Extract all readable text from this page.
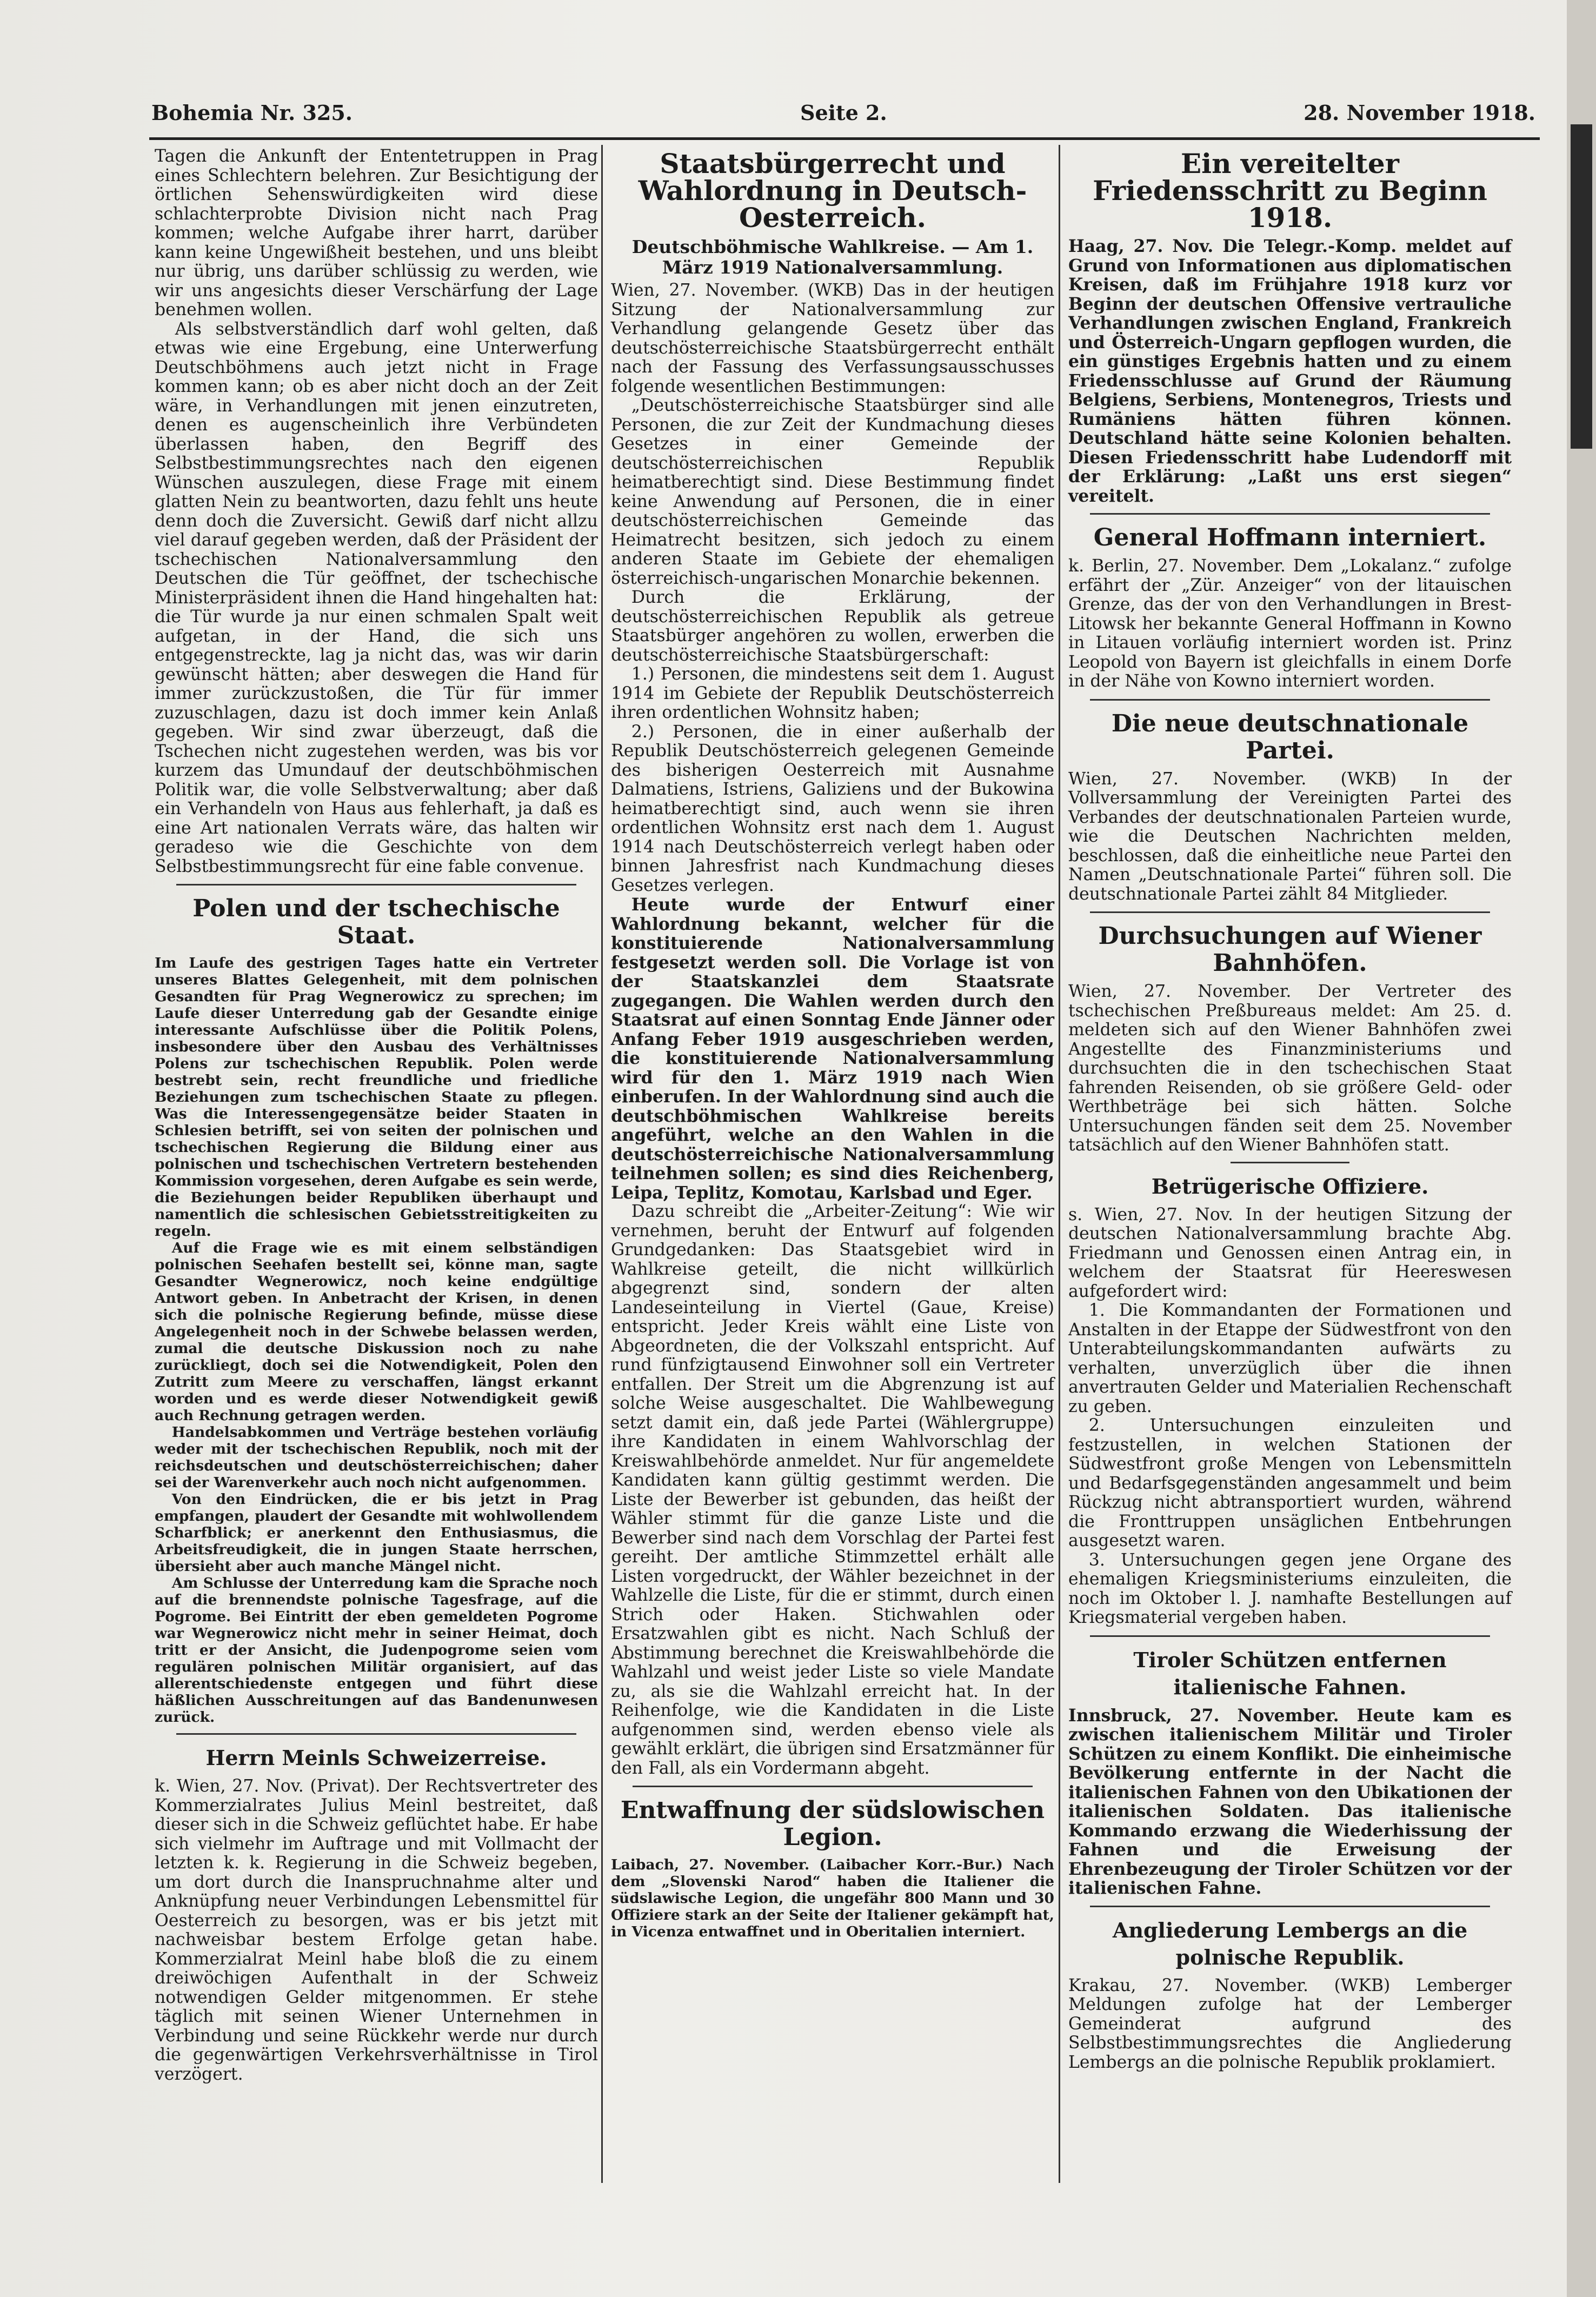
Bohemia Nr. 325.	Seite 2.	28. November 1918.

Tagen die Ankunft der Ententetruppen in Prag eines Schlechtern belehren. Zur Besichtigung der örtlichen Sehenswürdigkeiten wird diese schlachterprobte Division nicht nach Prag kommen; welche Aufgabe ihrer harrt, darüber kann keine Ungewißheit bestehen, und uns bleibt nur übrig, uns darüber schlüssig zu werden, wie wir uns angesichts dieser Verschärfung der Lage benehmen wollen.

Als selbstverständlich darf wohl gelten, daß etwas wie eine Ergebung, eine Unterwerfung Deutschböhmens auch jetzt nicht in Frage kommen kann; ob es aber nicht doch an der Zeit wäre, in Verhandlungen mit jenen einzutreten, denen es augenscheinlich ihre Verbündeten überlassen haben, den Begriff des Selbstbestimmungsrechtes nach den eigenen Wünschen auszulegen, diese Frage mit einem glatten Nein zu beantworten, dazu fehlt uns heute denn doch die Zuversicht. Gewiß darf nicht allzu viel darauf gegeben werden, daß der Präsident der tschechischen Nationalversammlung den Deutschen die Tür geöffnet, der tschechische Ministerpräsident ihnen die Hand hingehalten hat: die Tür wurde ja nur einen schmalen Spalt weit aufgetan, in der Hand, die sich uns entgegenstreckte, lag ja nicht das, was wir darin gewünscht hätten; aber deswegen die Hand für immer zurückzustoßen, die Tür für immer zuzuschlagen, dazu ist doch immer kein Anlaß gegeben. Wir sind zwar überzeugt, daß die Tschechen nicht zugestehen werden, was bis vor kurzem das Umundauf der deutschböhmischen Politik war, die volle Selbstverwaltung; aber daß ein Verhandeln von Haus aus fehlerhaft, ja daß es eine Art nationalen Verrats wäre, das halten wir geradeso wie die Geschichte von dem Selbstbestimmungsrecht für eine fable convenue.

Polen und der tschechische Staat.

Im Laufe des gestrigen Tages hatte ein Vertreter unseres Blattes Gelegenheit, mit dem polnischen Gesandten für Prag Wegnerowicz zu sprechen; im Laufe dieser Unterredung gab der Gesandte einige interessante Aufschlüsse über die Politik Polens, insbesondere über den Ausbau des Verhältnisses Polens zur tschechischen Republik. Polen werde bestrebt sein, recht freundliche und friedliche Beziehungen zum tschechischen Staate zu pflegen. Was die Interessengegensätze beider Staaten in Schlesien betrifft, sei von seiten der polnischen und tschechischen Regierung die Bildung einer aus polnischen und tschechischen Vertretern bestehenden Kommission vorgesehen, deren Aufgabe es sein werde, die Beziehungen beider Republiken überhaupt und namentlich die schlesischen Gebietsstreitigkeiten zu regeln.

Auf die Frage wie es mit einem selbständigen polnischen Seehafen bestellt sei, könne man, sagte Gesandter Wegnerowicz, noch keine endgültige Antwort geben. In Anbetracht der Krisen, in denen sich die polnische Regierung befinde, müsse diese Angelegenheit noch in der Schwebe belassen werden, zumal die deutsche Diskussion noch zu nahe zurückliegt, doch sei die Notwendigkeit, Polen den Zutritt zum Meere zu verschaffen, längst erkannt worden und es werde dieser Notwendigkeit gewiß auch Rechnung getragen werden.

Handelsabkommen und Verträge bestehen vorläufig weder mit der tschechischen Republik, noch mit der reichsdeutschen und deutschösterreichischen; daher sei der Warenverkehr auch noch nicht aufgenommen.

Von den Eindrücken, die er bis jetzt in Prag empfangen, plaudert der Gesandte mit wohlwollendem Scharfblick; er anerkennt den Enthusiasmus, die Arbeitsfreudigkeit, die in jungen Staate herrschen, übersieht aber auch manche Mängel nicht.

Am Schlusse der Unterredung kam die Sprache noch auf die brennendste polnische Tagesfrage, auf die Pogrome. Bei Eintritt der eben gemeldeten Pogrome war Wegnerowicz nicht mehr in seiner Heimat, doch tritt er der Ansicht, die Judenpogrome seien vom regulären polnischen Militär organisiert, auf das allerentschiedenste entgegen und führt diese häßlichen Ausschreitungen auf das Bandenunwesen zurück.

Herrn Meinls Schweizerreise.

k. Wien, 27. Nov. (Privat). Der Rechtsvertreter des Kommerzialrates Julius Meinl bestreitet, daß dieser sich in die Schweiz geflüchtet habe. Er habe sich vielmehr im Auftrage und mit Vollmacht der letzten k. k. Regierung in die Schweiz begeben, um dort durch die Inanspruchnahme alter und Anknüpfung neuer Verbindungen Lebensmittel für Oesterreich zu besorgen, was er bis jetzt mit nachweisbar bestem Erfolge getan habe. Kommerzialrat Meinl habe bloß die zu einem dreiwöchigen Aufenthalt in der Schweiz notwendigen Gelder mitgenommen. Er stehe täglich mit seinen Wiener Unternehmen in Verbindung und seine Rückkehr werde nur durch die gegenwärtigen Verkehrsverhältnisse in Tirol verzögert.

Staatsbürgerrecht und Wahlordnung in Deutsch-Oesterreich.
Deutschböhmische Wahlkreise. — Am 1. März 1919 Nationalversammlung.

Wien, 27. November. (WKB) Das in der heutigen Sitzung der Nationalversammlung zur Verhandlung gelangende Gesetz über das deutschösterreichische Staatsbürgerrecht enthält nach der Fassung des Verfassungsausschusses folgende wesentlichen Bestimmungen:

„Deutschösterreichische Staatsbürger sind alle Personen, die zur Zeit der Kundmachung dieses Gesetzes in einer Gemeinde der deutschösterreichischen Republik heimatberechtigt sind. Diese Bestimmung findet keine Anwendung auf Personen, die in einer deutschösterreichischen Gemeinde das Heimatrecht besitzen, sich jedoch zu einem anderen Staate im Gebiete der ehemaligen österreichisch-ungarischen Monarchie bekennen.

Durch die Erklärung, der deutschösterreichischen Republik als getreue Staatsbürger angehören zu wollen, erwerben die deutschösterreichische Staatsbürgerschaft:

1.) Personen, die mindestens seit dem 1. August 1914 im Gebiete der Republik Deutschösterreich ihren ordentlichen Wohnsitz haben;

2.) Personen, die in einer außerhalb der Republik Deutschösterreich gelegenen Gemeinde des bisherigen Oesterreich mit Ausnahme Dalmatiens, Istriens, Galiziens und der Bukowina heimatberechtigt sind, auch wenn sie ihren ordentlichen Wohnsitz erst nach dem 1. August 1914 nach Deutschösterreich verlegt haben oder binnen Jahresfrist nach Kundmachung dieses Gesetzes verlegen.

Heute wurde der Entwurf einer Wahlordnung bekannt, welcher für die konstituierende Nationalversammlung festgesetzt werden soll. Die Vorlage ist von der Staatskanzlei dem Staatsrate zugegangen. Die Wahlen werden durch den Staatsrat auf einen Sonntag Ende Jänner oder Anfang Feber 1919 ausgeschrieben werden, die konstituierende Nationalversammlung wird für den 1. März 1919 nach Wien einberufen. In der Wahlordnung sind auch die deutschböhmischen Wahlkreise bereits angeführt, welche an den Wahlen in die deutschösterreichische Nationalversammlung teilnehmen sollen; es sind dies Reichenberg, Leipa, Teplitz, Komotau, Karlsbad und Eger.

Dazu schreibt die „Arbeiter-Zeitung“: Wie wir vernehmen, beruht der Entwurf auf folgenden Grundgedanken: Das Staatsgebiet wird in Wahlkreise geteilt, die nicht willkürlich abgegrenzt sind, sondern der alten Landeseinteilung in Viertel (Gaue, Kreise) entspricht. Jeder Kreis wählt eine Liste von Abgeordneten, die der Volkszahl entspricht. Auf rund fünfzigtausend Einwohner soll ein Vertreter entfallen. Der Streit um die Abgrenzung ist auf solche Weise ausgeschaltet. Die Wahlbewegung setzt damit ein, daß jede Partei (Wählergruppe) ihre Kandidaten in einem Wahlvorschlag der Kreiswahlbehörde anmeldet. Nur für angemeldete Kandidaten kann gültig gestimmt werden. Die Liste der Bewerber ist gebunden, das heißt der Wähler stimmt für die ganze Liste und die Bewerber sind nach dem Vorschlag der Partei fest gereiht. Der amtliche Stimmzettel erhält alle Listen vorgedruckt, der Wähler bezeichnet in der Wahlzelle die Liste, für die er stimmt, durch einen Strich oder Haken. Stichwahlen oder Ersatzwahlen gibt es nicht. Nach Schluß der Abstimmung berechnet die Kreiswahlbehörde die Wahlzahl und weist jeder Liste so viele Mandate zu, als sie die Wahlzahl erreicht hat. In der Reihenfolge, wie die Kandidaten in die Liste aufgenommen sind, werden ebenso viele als gewählt erklärt, die übrigen sind Ersatzmänner für den Fall, als ein Vordermann abgeht.

Entwaffnung der südslowischen Legion.

Laibach, 27. November. (Laibacher Korr.-Bur.) Nach dem „Slovenski Narod“ haben die Italiener die südslawische Legion, die ungefähr 800 Mann und 30 Offiziere stark an der Seite der Italiener gekämpft hat, in Vicenza entwaffnet und in Oberitalien interniert.

Ein vereitelter Friedensschritt zu Beginn 1918.

Haag, 27. Nov. Die Telegr.-Komp. meldet auf Grund von Informationen aus diplomatischen Kreisen, daß im Frühjahre 1918 kurz vor Beginn der deutschen Offensive vertrauliche Verhandlungen zwischen England, Frankreich und Österreich-Ungarn gepflogen wurden, die ein günstiges Ergebnis hatten und zu einem Friedensschlusse auf Grund der Räumung Belgiens, Serbiens, Montenegros, Triests und Rumäniens hätten führen können. Deutschland hätte seine Kolonien behalten. Diesen Friedensschritt habe Ludendorff mit der Erklärung: „Laßt uns erst siegen“ vereitelt.

General Hoffmann interniert.

k. Berlin, 27. November. Dem „Lokalanz.“ zufolge erfährt der „Zür. Anzeiger“ von der litauischen Grenze, das der von den Verhandlungen in Brest-Litowsk her bekannte General Hoffmann in Kowno in Litauen vorläufig interniert worden ist. Prinz Leopold von Bayern ist gleichfalls in einem Dorfe in der Nähe von Kowno interniert worden.

Die neue deutschnationale Partei.

Wien, 27. November. (WKB) In der Vollversammlung der Vereinigten Partei des Verbandes der deutschnationalen Parteien wurde, wie die Deutschen Nachrichten melden, beschlossen, daß die einheitliche neue Partei den Namen „Deutschnationale Partei“ führen soll. Die deutschnationale Partei zählt 84 Mitglieder.

Durchsuchungen auf Wiener Bahnhöfen.

Wien, 27. November. Der Vertreter des tschechischen Preßbureaus meldet: Am 25. d. meldeten sich auf den Wiener Bahnhöfen zwei Angestellte des Finanzministeriums und durchsuchten die in den tschechischen Staat fahrenden Reisenden, ob sie größere Geld- oder Werthbeträge bei sich hätten. Solche Untersuchungen fänden seit dem 25. November tatsächlich auf den Wiener Bahnhöfen statt.

Betrügerische Offiziere.

s. Wien, 27. Nov. In der heutigen Sitzung der deutschen Nationalversammlung brachte Abg. Friedmann und Genossen einen Antrag ein, in welchem der Staatsrat für Heereswesen aufgefordert wird:

1. Die Kommandanten der Formationen und Anstalten in der Etappe der Südwestfront von den Unterabteilungskommandanten aufwärts zu verhalten, unverzüglich über die ihnen anvertrauten Gelder und Materialien Rechenschaft zu geben.

2. Untersuchungen einzuleiten und festzustellen, in welchen Stationen der Südwestfront große Mengen von Lebensmitteln und Bedarfsgegenständen angesammelt und beim Rückzug nicht abtransportiert wurden, während die Fronttruppen unsäglichen Entbehrungen ausgesetzt waren.

3. Untersuchungen gegen jene Organe des ehemaligen Kriegsministeriums einzuleiten, die noch im Oktober l. J. namhafte Bestellungen auf Kriegsmaterial vergeben haben.

Tiroler Schützen entfernen italienische Fahnen.

Innsbruck, 27. November. Heute kam es zwischen italienischem Militär und Tiroler Schützen zu einem Konflikt. Die einheimische Bevölkerung entfernte in der Nacht die italienischen Fahnen von den Ubikationen der italienischen Soldaten. Das italienische Kommando erzwang die Wiederhissung der Fahnen und die Erweisung der Ehrenbezeugung der Tiroler Schützen vor der italienischen Fahne.

Angliederung Lembergs an die polnische Republik.

Krakau, 27. November. (WKB) Lemberger Meldungen zufolge hat der Lemberger Gemeinderat aufgrund des Selbstbestimmungsrechtes die Angliederung Lembergs an die polnische Republik proklamiert.
